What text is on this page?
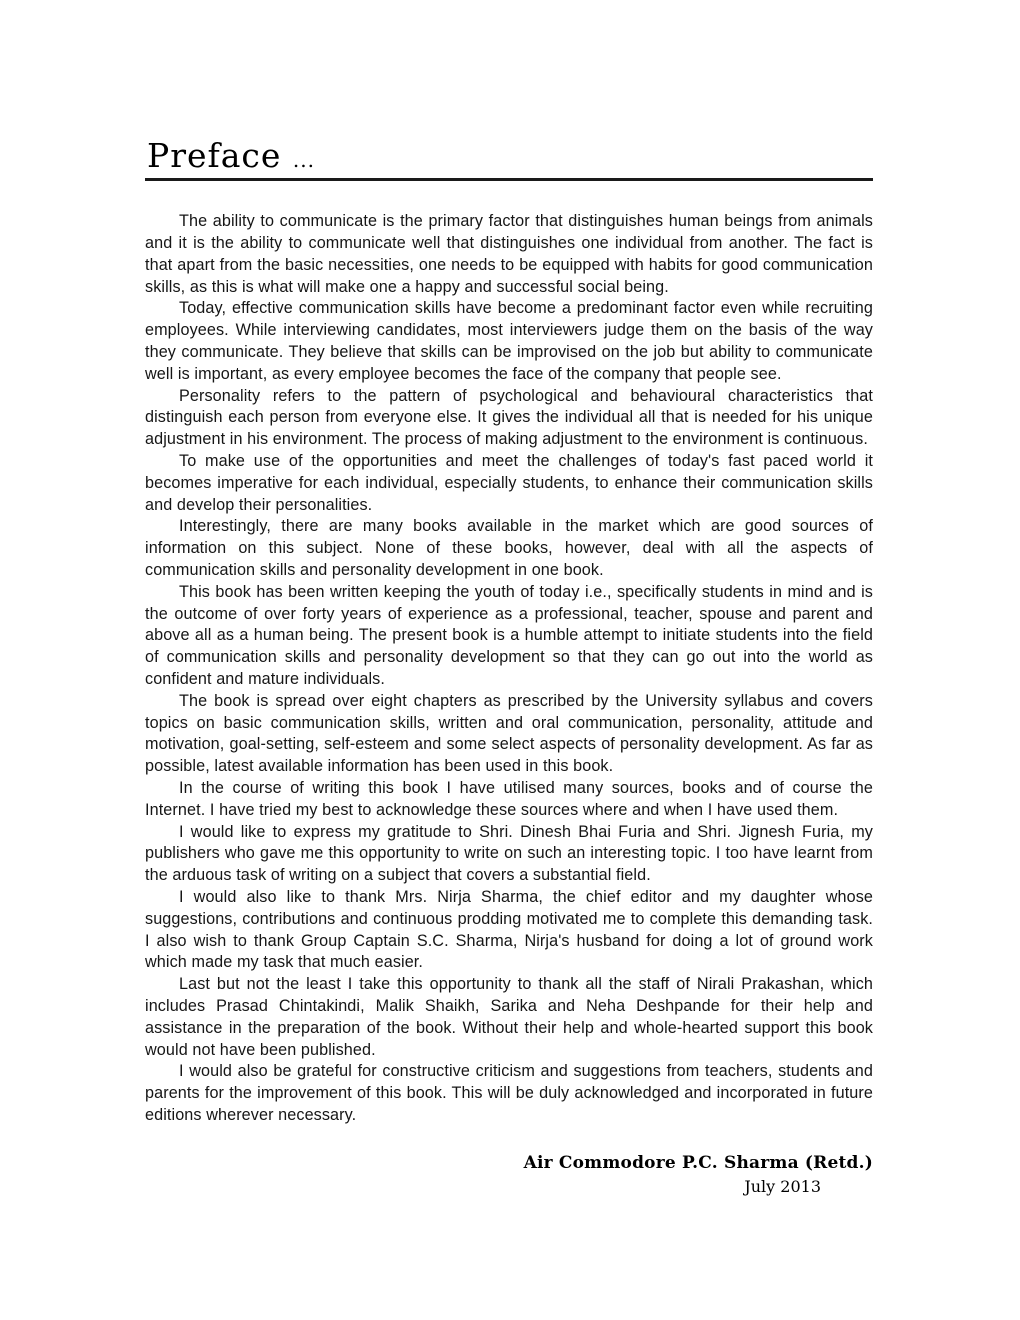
Preface ...

The ability to communicate is the primary factor that distinguishes human beings from animals and it is the ability to communicate well that distinguishes one individual from another. The fact is that apart from the basic necessities, one needs to be equipped with habits for good communication skills, as this is what will make one a happy and successful social being.

Today, effective communication skills have become a predominant factor even while recruiting employees. While interviewing candidates, most interviewers judge them on the basis of the way they communicate. They believe that skills can be improvised on the job but ability to communicate well is important, as every employee becomes the face of the company that people see.

Personality refers to the pattern of psychological and behavioural characteristics that distinguish each person from everyone else. It gives the individual all that is needed for his unique adjustment in his environment. The process of making adjustment to the environment is continuous.

To make use of the opportunities and meet the challenges of today's fast paced world it becomes imperative for each individual, especially students, to enhance their communication skills and develop their personalities.

Interestingly, there are many books available in the market which are good sources of information on this subject. None of these books, however, deal with all the aspects of communication skills and personality development in one book.

This book has been written keeping the youth of today i.e., specifically students in mind and is the outcome of over forty years of experience as a professional, teacher, spouse and parent and above all as a human being. The present book is a humble attempt to initiate students into the field of communication skills and personality development so that they can go out into the world as confident and mature individuals.

The book is spread over eight chapters as prescribed by the University syllabus and covers topics on basic communication skills, written and oral communication, personality, attitude and motivation, goal-setting, self-esteem and some select aspects of personality development. As far as possible, latest available information has been used in this book.

In the course of writing this book I have utilised many sources, books and of course the Internet. I have tried my best to acknowledge these sources where and when I have used them.

I would like to express my gratitude to Shri. Dinesh Bhai Furia and Shri. Jignesh Furia, my publishers who gave me this opportunity to write on such an interesting topic. I too have learnt from the arduous task of writing on a subject that covers a substantial field.

I would also like to thank Mrs. Nirja Sharma, the chief editor and my daughter whose suggestions, contributions and continuous prodding motivated me to complete this demanding task. I also wish to thank Group Captain S.C. Sharma, Nirja's husband for doing a lot of ground work which made my task that much easier.

Last but not the least I take this opportunity to thank all the staff of Nirali Prakashan, which includes Prasad Chintakindi, Malik Shaikh, Sarika and Neha Deshpande for their help and assistance in the preparation of the book. Without their help and whole-hearted support this book would not have been published.

I would also be grateful for constructive criticism and suggestions from teachers, students and parents for the improvement of this book. This will be duly acknowledged and incorporated in future editions wherever necessary.

Air Commodore P.C. Sharma (Retd.)
July 2013
